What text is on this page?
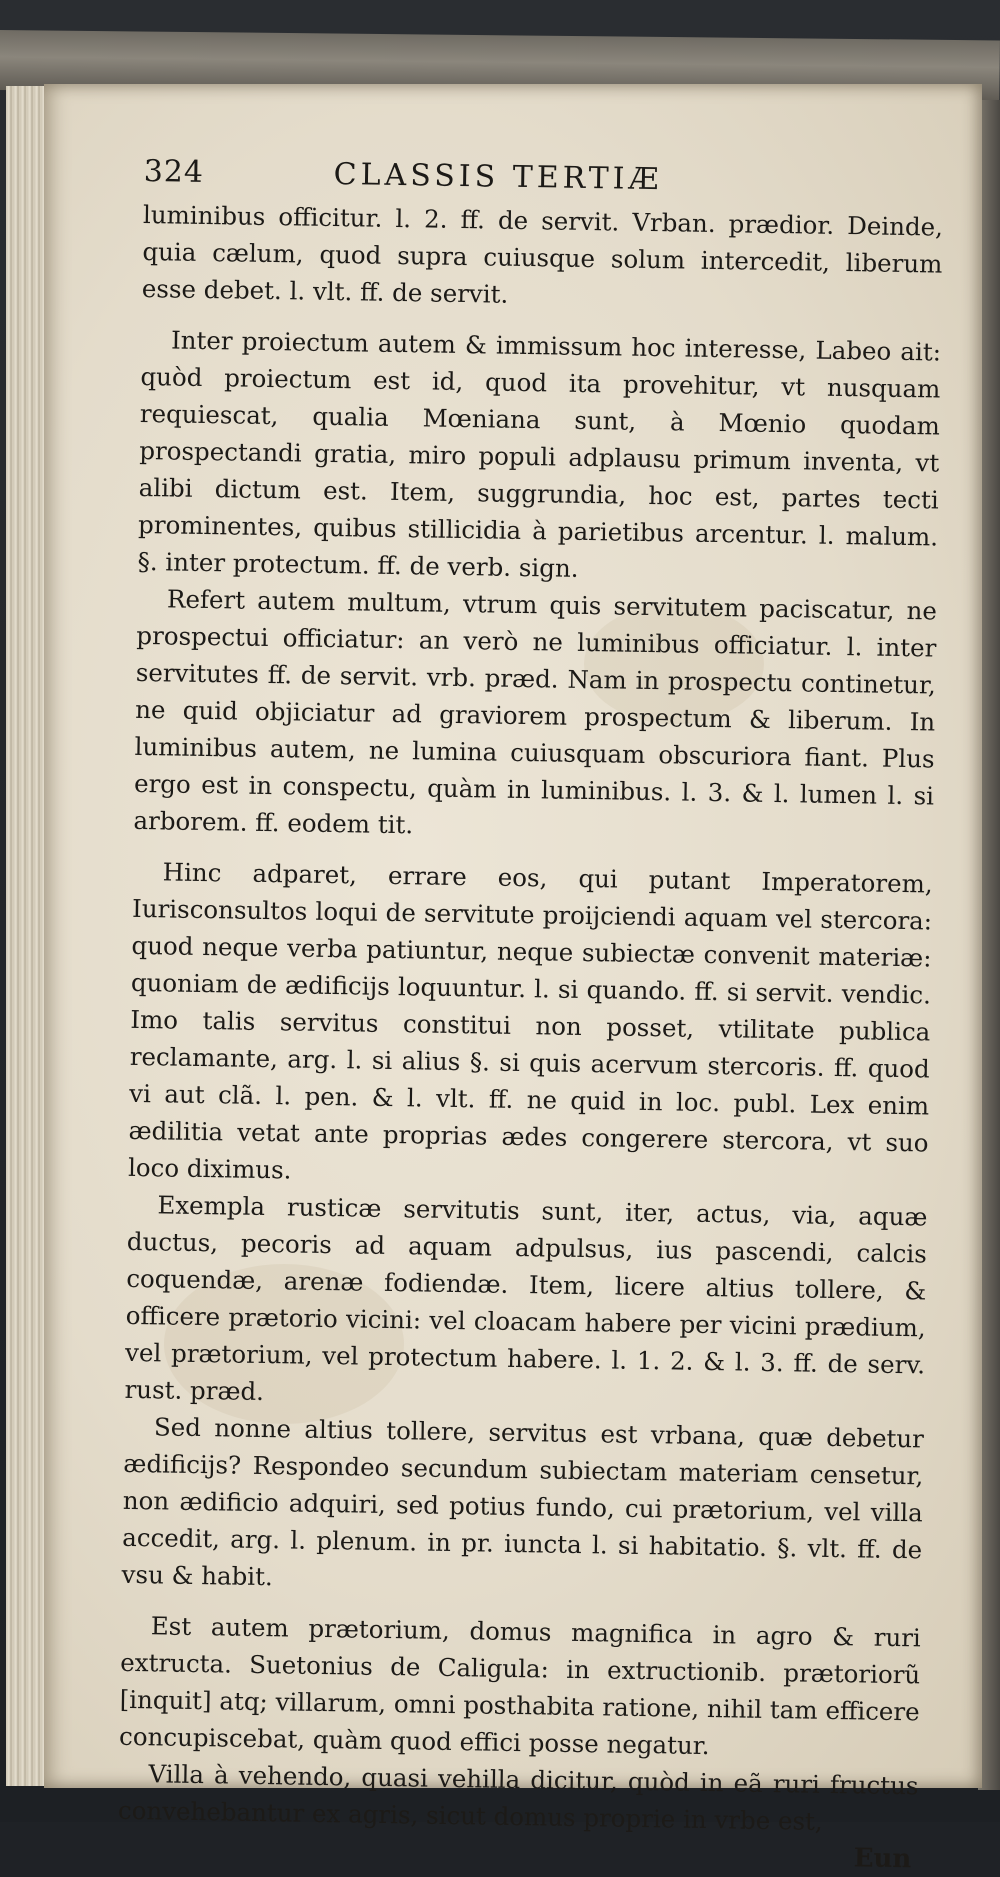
324	CLASSIS TERTIÆ

luminibus officitur. l. 2. ff. de servit. Vrban. prædior. Deinde, quia cælum, quod supra cuiusque solum intercedit, liberum esse debet. l. vlt. ff. de servit.

Inter proiectum autem & immissum hoc interesse, Labeo ait: quòd proiectum est id, quod ita provehitur, vt nusquam requiescat, qualia Mœniana sunt, à Mœnio quodam prospectandi gratia, miro populi adplausu primum inventa, vt alibi dictum est. Item, suggrundia, hoc est, partes tecti prominentes, quibus stillicidia à parietibus arcentur. l. malum. §. inter protectum. ff. de verb. sign.

Refert autem multum, vtrum quis servitutem paciscatur, ne prospectui officiatur: an verò ne luminibus officiatur. l. inter servitutes ff. de servit. vrb. præd. Nam in prospectu continetur, ne quid objiciatur ad graviorem prospectum & liberum. In luminibus autem, ne lumina cuiusquam obscuriora fiant. Plus ergo est in conspectu, quàm in luminibus. l. 3. & l. lumen l. si arborem. ff. eodem tit.

Hinc adparet, errare eos, qui putant Imperatorem, Iurisconsultos loqui de servitute proijciendi aquam vel stercora: quod neque verba patiuntur, neque subiectæ convenit materiæ: quoniam de ædificijs loquuntur. l. si quando. ff. si servit. vendic. Imo talis servitus constitui non posset, vtilitate publica reclamante, arg. l. si alius §. si quis acervum stercoris. ff. quod vi aut clã. l. pen. & l. vlt. ff. ne quid in loc. publ. Lex enim ædilitia vetat ante proprias ædes congerere stercora, vt suo loco diximus.

Exempla rusticæ servitutis sunt, iter, actus, via, aquæ ductus, pecoris ad aquam adpulsus, ius pascendi, calcis coquendæ, arenæ fodiendæ. Item, licere altius tollere, & officere prætorio vicini: vel cloacam habere per vicini prædium, vel prætorium, vel protectum habere. l. 1. 2. & l. 3. ff. de serv. rust. præd.

Sed nonne altius tollere, servitus est vrbana, quæ debetur ædificijs? Respondeo secundum subiectam materiam censetur, non ædificio adquiri, sed potius fundo, cui prætorium, vel villa accedit, arg. l. plenum. in pr. iuncta l. si habitatio. §. vlt. ff. de vsu & habit.

Est autem prætorium, domus magnifica in agro & ruri extructa. Suetonius de Caligula: in extructionib. prætoriorũ [inquit] atq; villarum, omni posthabita ratione, nihil tam efficere concupiscebat, quàm quod effici posse negatur.

Villa à vehendo, quasi vehilla dicitur, quòd in eã ruri fructus convehebantur ex agris, sicut domus proprie in vrbe est,

Eun
